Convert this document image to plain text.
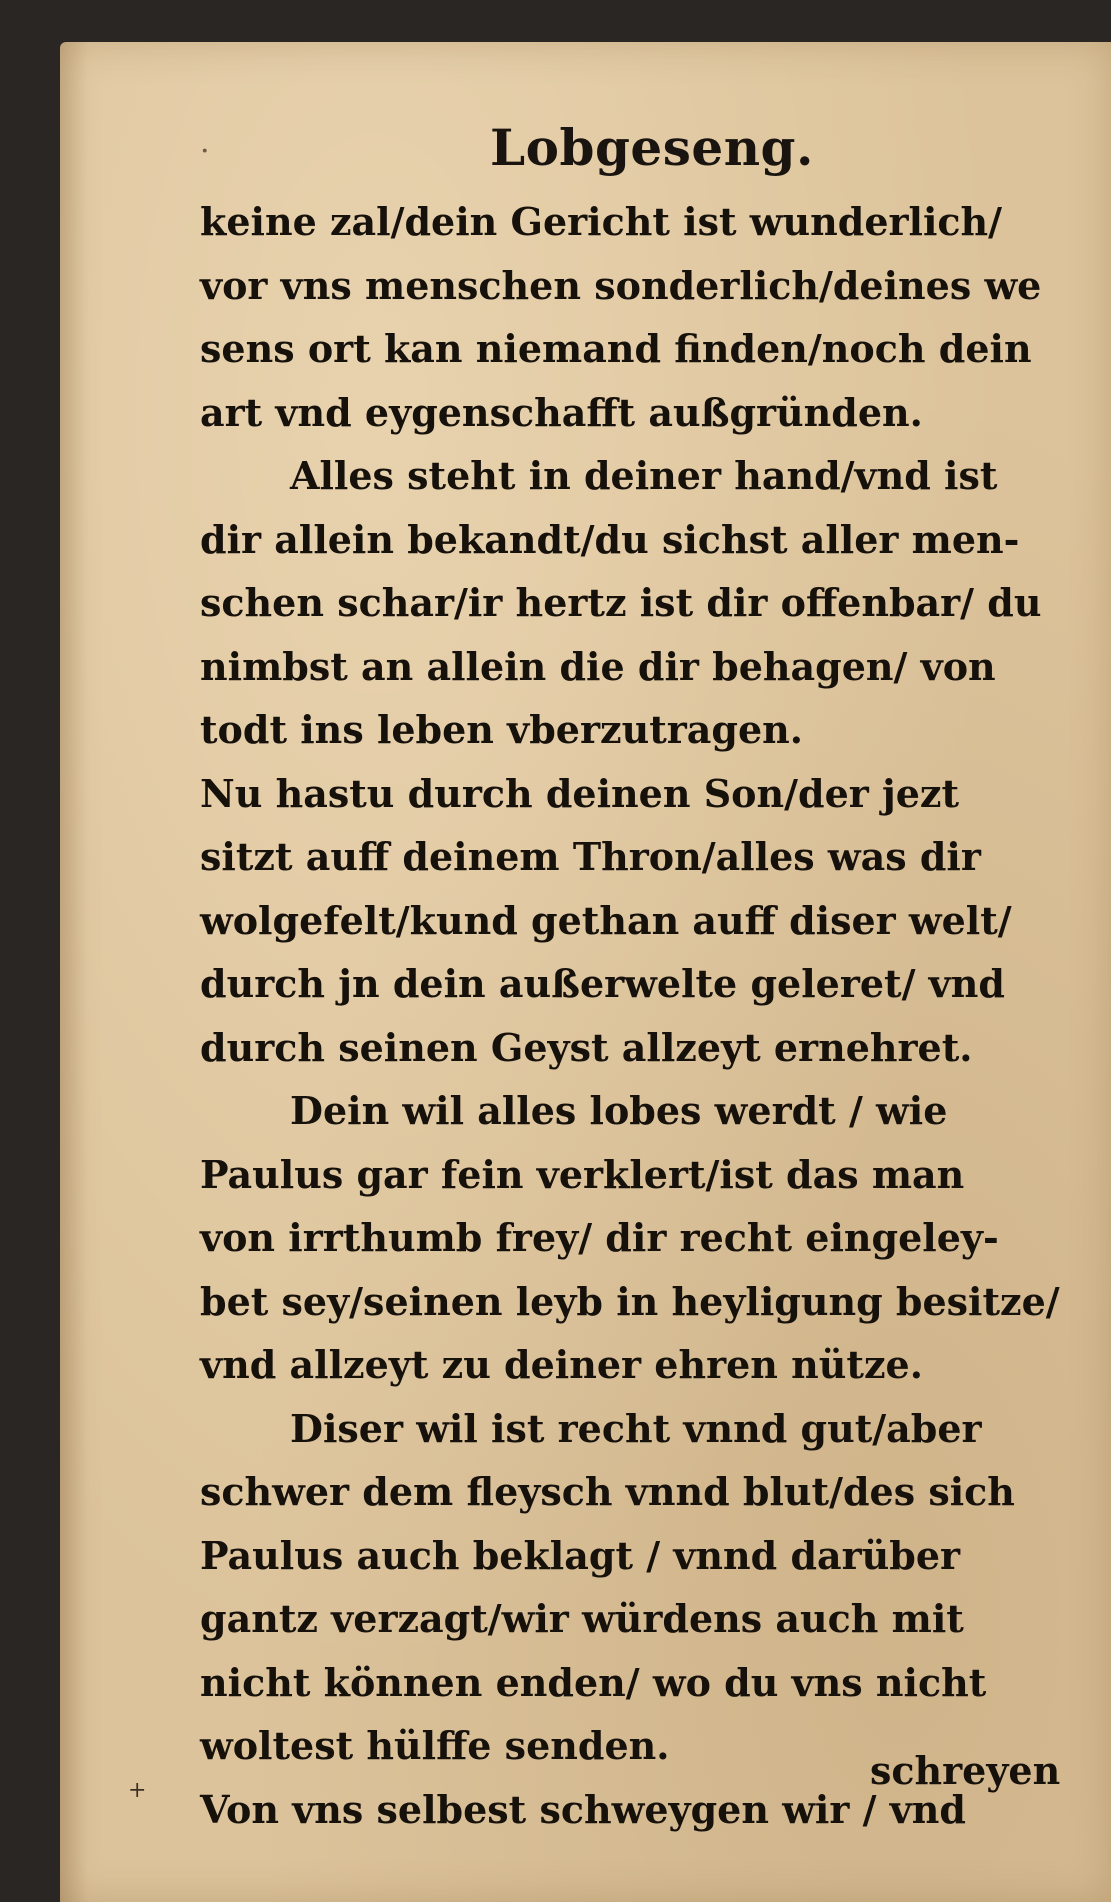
·	Lobgeseng.
keine zal/dein Gericht ist wunderlich/
vor vns menschen sonderlich/deines we
sens ort kan niemand finden/noch dein
art vnd eygenschafft außgründen.
Alles steht in deiner hand/vnd ist
dir allein bekandt/du sichst aller men-
schen schar/ir hertz ist dir offenbar/ du
nimbst an allein die dir behagen/ von
todt ins leben vberzutragen.
Nu hastu durch deinen Son/der jezt
sitzt auff deinem Thron/alles was dir
wolgefelt/kund gethan auff diser welt/
durch jn dein außerwelte geleret/ vnd
durch seinen Geyst allzeyt ernehret.
Dein wil alles lobes werdt / wie
Paulus gar fein verklert/ist das man
von irrthumb frey/ dir recht eingeley-
bet sey/seinen leyb in heyligung besitze/
vnd allzeyt zu deiner ehren nütze.
Diser wil ist recht vnnd gut/aber
schwer dem fleysch vnnd blut/des sich
Paulus auch beklagt / vnnd darüber
gantz verzagt/wir würdens auch mit
nicht können enden/ wo du vns nicht
woltest hülffe senden.
Von vns selbest schweygen wir / vnd
+	schreyen
